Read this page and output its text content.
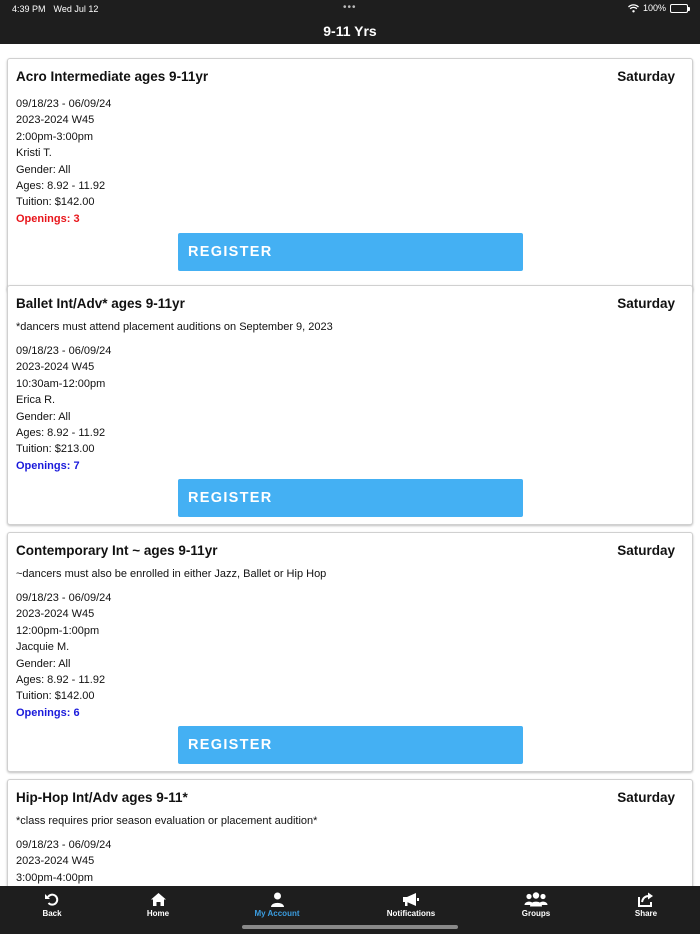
4:39 PM Wed Jul 12	•••	100%
9-11 Yrs
Acro Intermediate ages 9-11yr	Saturday
09/18/23 - 06/09/24
2023-2024 W45
2:00pm-3:00pm
Kristi T.
Gender: All
Ages: 8.92 - 11.92
Tuition: $142.00
Openings: 3
REGISTER
Ballet Int/Adv* ages 9-11yr	Saturday
*dancers must attend placement auditions on September 9, 2023
09/18/23 - 06/09/24
2023-2024 W45
10:30am-12:00pm
Erica R.
Gender: All
Ages: 8.92 - 11.92
Tuition: $213.00
Openings: 7
REGISTER
Contemporary Int ~ ages 9-11yr	Saturday
~dancers must also be enrolled in either Jazz, Ballet or Hip Hop
09/18/23 - 06/09/24
2023-2024 W45
12:00pm-1:00pm
Jacquie M.
Gender: All
Ages: 8.92 - 11.92
Tuition: $142.00
Openings: 6
REGISTER
Hip-Hop Int/Adv ages 9-11*	Saturday
*class requires prior season evaluation or placement audition*
09/18/23 - 06/09/24
2023-2024 W45
3:00pm-4:00pm
Back	Home	My Account	Notifications	Groups	Share
